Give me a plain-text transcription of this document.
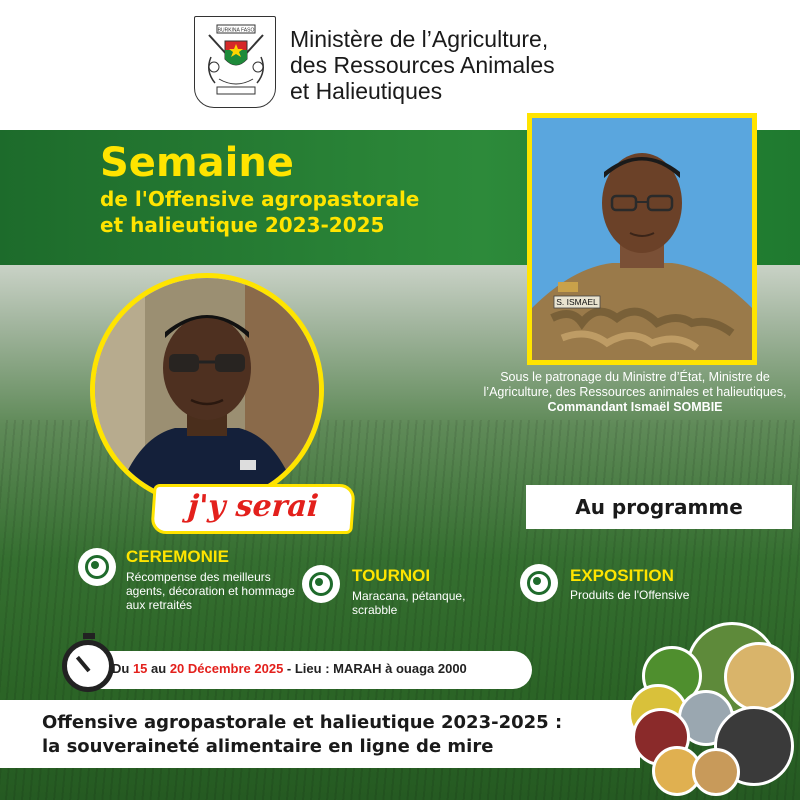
BURKINA FASO Ministère de l’Agriculture,
des Ressources Animales
et Halieutiques
Semaine
de l'Offensive agropastorale
et halieutique 2023-2025
S. ISMAEL
Sous le patronage du Ministre d’État, Ministre de l’Agriculture, des Ressources animales et halieutiques, Commandant Ismaël SOMBIE
j'y serai	Au programme
CEREMONIE
Récompense des meilleurs agents, décoration et hommage aux retraités
TOURNOI
Maracana, pétanque, scrabble
EXPOSITION
Produits de l'Offensive
Du 15 au 20 Décembre 2025 - Lieu : MARAH à ouaga 2000
Offensive agropastorale et halieutique 2023-2025 :
la souveraineté alimentaire en ligne de mire
